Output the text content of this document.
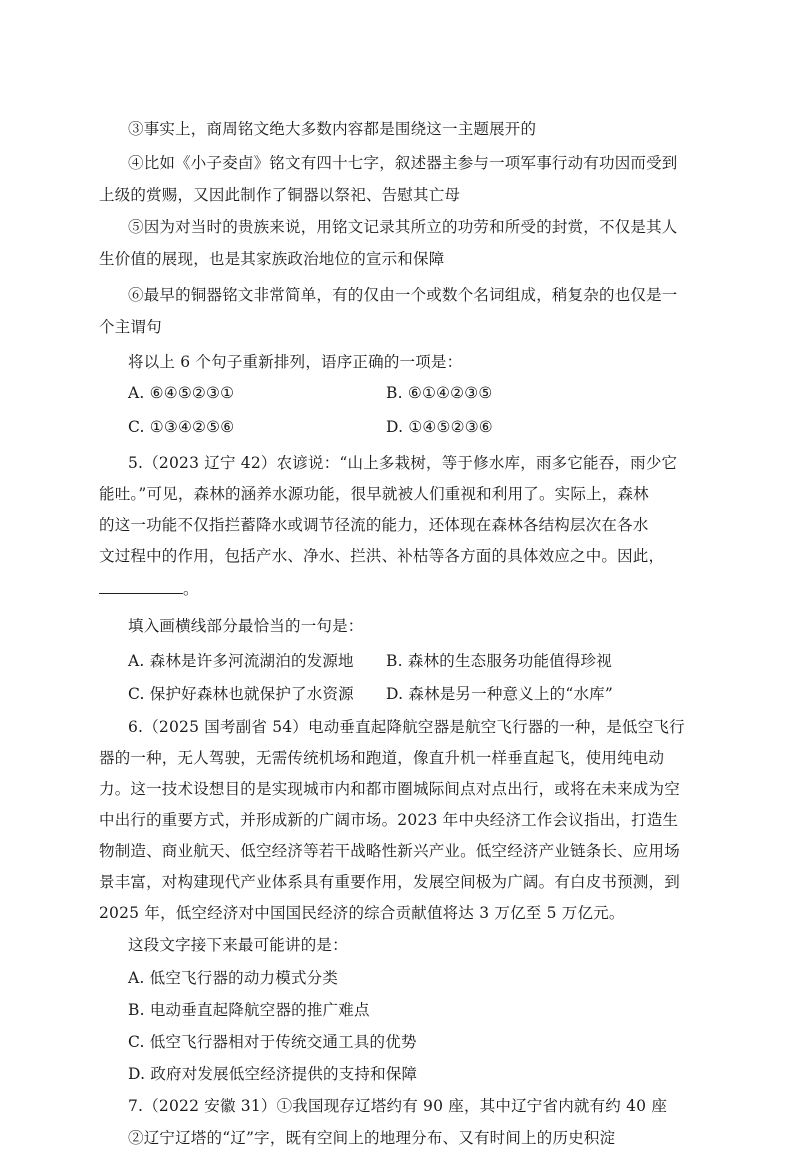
③事实上，商周铭文绝大多数内容都是围绕这一主题展开的
④比如《小子夌卣》铭文有四十七字，叙述器主参与一项军事行动有功因而受到
上级的赏赐，又因此制作了铜器以祭祀、告慰其亡母
⑤因为对当时的贵族来说，用铭文记录其所立的功劳和所受的封赏，不仅是其人
生价值的展现，也是其家族政治地位的宣示和保障
⑥最早的铜器铭文非常简单，有的仅由一个或数个名词组成，稍复杂的也仅是一
个主谓句
将以上 6 个句子重新排列，语序正确的一项是：
A. ⑥④⑤②③①	B. ⑥①④②③⑤
C. ①③④②⑤⑥	D. ①④⑤②③⑥
5.（2023 辽宁 42）农谚说：“山上多栽树，等于修水库，雨多它能吞，雨少它
能吐。”可见，森林的涵养水源功能，很早就被人们重视和利用了。实际上，森林
的这一功能不仅指拦蓄降水或调节径流的能力，还体现在森林各结构层次在各水
文过程中的作用，包括产水、净水、拦洪、补枯等各方面的具体效应之中。因此，
。
填入画横线部分最恰当的一句是：
A. 森林是许多河流湖泊的发源地 B. 森林的生态服务功能值得珍视
C. 保护好森林也就保护了水资源 D. 森林是另一种意义上的“水库”
6.（2025 国考副省 54）电动垂直起降航空器是航空飞行器的一种，是低空飞行
器的一种，无人驾驶，无需传统机场和跑道，像直升机一样垂直起飞，使用纯电动
力。这一技术设想目的是实现城市内和都市圈城际间点对点出行，或将在未来成为空
中出行的重要方式，并形成新的广阔市场。2023 年中央经济工作会议指出，打造生
物制造、商业航天、低空经济等若干战略性新兴产业。低空经济产业链条长、应用场
景丰富，对构建现代产业体系具有重要作用，发展空间极为广阔。有白皮书预测，到
2025 年，低空经济对中国国民经济的综合贡献值将达 3 万亿至 5 万亿元。
这段文字接下来最可能讲的是：
A. 低空飞行器的动力模式分类
B. 电动垂直起降航空器的推广难点
C. 低空飞行器相对于传统交通工具的优势
D. 政府对发展低空经济提供的支持和保障
7.（2022 安徽 31）①我国现存辽塔约有 90 座，其中辽宁省内就有约 40 座
②辽宁辽塔的“辽”字，既有空间上的地理分布、又有时间上的历史积淀
